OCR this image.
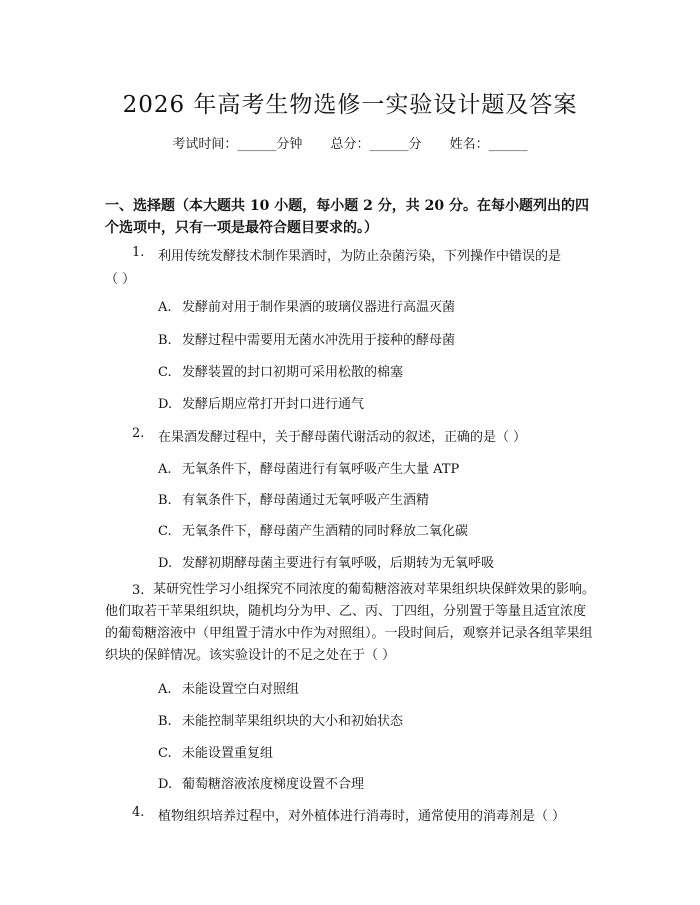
2026 年高考生物选修一实验设计题及答案
考试时间：______分钟 总分：______分 姓名：______
一、选择题（本大题共 10 小题，每小题 2 分，共 20 分。在每小题列出的四个选项中，只有一项是最符合题目要求的。）
1. 利用传统发酵技术制作果酒时，为防止杂菌污染，下列操作中错误的是
（ ）
A. 发酵前对用于制作果酒的玻璃仪器进行高温灭菌
B. 发酵过程中需要用无菌水冲洗用于接种的酵母菌
C. 发酵装置的封口初期可采用松散的棉塞
D. 发酵后期应常打开封口进行通气
2. 在果酒发酵过程中，关于酵母菌代谢活动的叙述，正确的是（ ）
A. 无氧条件下，酵母菌进行有氧呼吸产生大量 ATP
B. 有氧条件下，酵母菌通过无氧呼吸产生酒精
C. 无氧条件下，酵母菌产生酒精的同时释放二氧化碳
D. 发酵初期酵母菌主要进行有氧呼吸，后期转为无氧呼吸
3. 某研究性学习小组探究不同浓度的葡萄糖溶液对苹果组织块保鲜效果的影响。他们取若干苹果组织块，随机均分为甲、乙、丙、丁四组，分别置于等量且适宜浓度的葡萄糖溶液中（甲组置于清水中作为对照组）。一段时间后，观察并记录各组苹果组织块的保鲜情况。该实验设计的不足之处在于（ ）
A. 未能设置空白对照组
B. 未能控制苹果组织块的大小和初始状态
C. 未能设置重复组
D. 葡萄糖溶液浓度梯度设置不合理
4. 植物组织培养过程中，对外植体进行消毒时，通常使用的消毒剂是（ ）
